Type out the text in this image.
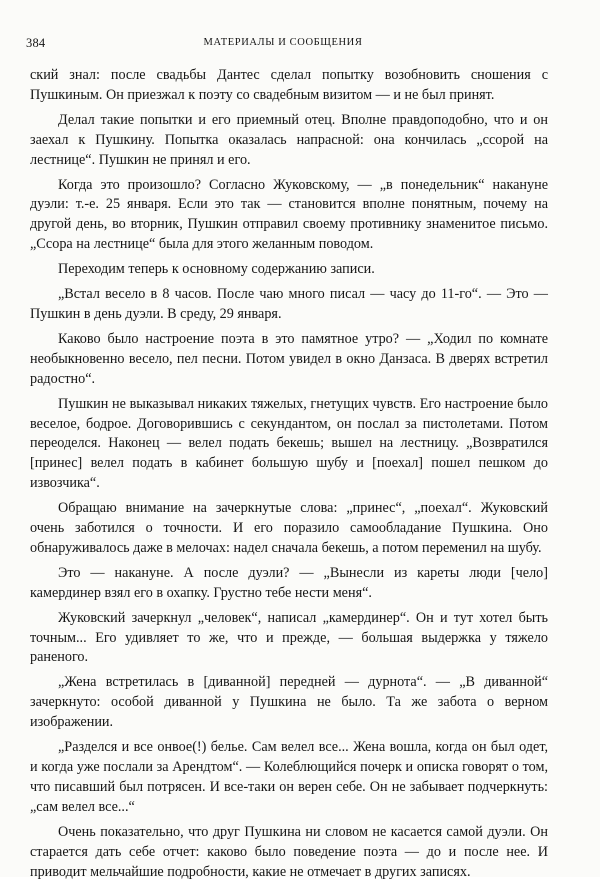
384	МАТЕРИАЛЫ И СООБЩЕНИЯ

ский знал: после свадьбы Дантес сделал попытку возобновить сношения с Пушкиным. Он приезжал к поэту со свадебным визитом — и не был принят.

Делал такие попытки и его приемный отец. Вполне правдоподобно, что и он заехал к Пушкину. Попытка оказалась напрасной: она кончилась „ссорой на лестнице“. Пушкин не принял и его.

Когда это произошло? Согласно Жуковскому, — „в понедельник“ накануне дуэли: т.-е. 25 января. Если это так — становится вполне понятным, почему на другой день, во вторник, Пушкин отправил своему противнику знаменитое письмо. „Ссора на лестнице“ была для этого желанным поводом.

Переходим теперь к основному содержанию записи.

„Встал весело в 8 часов. После чаю много писал — часу до 11-го“. — Это — Пушкин в день дуэли. В среду, 29 января.

Каково было настроение поэта в это памятное утро? — „Ходил по комнате необыкновенно весело, пел песни. Потом увидел в окно Данзаса. В дверях встретил радостно“.

Пушкин не выказывал никаких тяжелых, гнетущих чувств. Его настроение было веселое, бодрое. Договорившись с секундантом, он послал за пистолетами. Потом переоделся. Наконец — велел подать бекешь; вышел на лестницу. „Возвратился [принес] велел подать в кабинет большую шубу и [поехал] пошел пешком до извозчика“.

Обращаю внимание на зачеркнутые слова: „принес“, „поехал“. Жуковский очень заботился о точности. И его поразило самообладание Пушкина. Оно обнаруживалось даже в мелочах: надел сначала бекешь, а потом переменил на шубу.

Это — накануне. А после дуэли? — „Вынесли из кареты люди [чело] камердинер взял его в охапку. Грустно тебе нести меня“.

Жуковский зачеркнул „человек“, написал „камердинер“. Он и тут хотел быть точным... Его удивляет то же, что и прежде, — большая выдержка у тяжело раненого.

„Жена встретилась в [диванной] передней — дурнота“. — „В диванной“ зачеркнуто: особой диванной у Пушкина не было. Та же забота о верном изображении.

„Разделся и все онвое(!) белье. Сам велел все... Жена вошла, когда он был одет, и когда уже послали за Арендтом“. — Колеблющийся почерк и описка говорят о том, что писавший был потрясен. И все-таки он верен себе. Он не забывает подчеркнуть: „сам велел все...“

Очень показательно, что друг Пушкина ни словом не касается самой дуэли. Он старается дать себе отчет: каково было поведение поэта — до и после нее. И приводит мельчайшие подробности, какие не отмечает в других записях.
